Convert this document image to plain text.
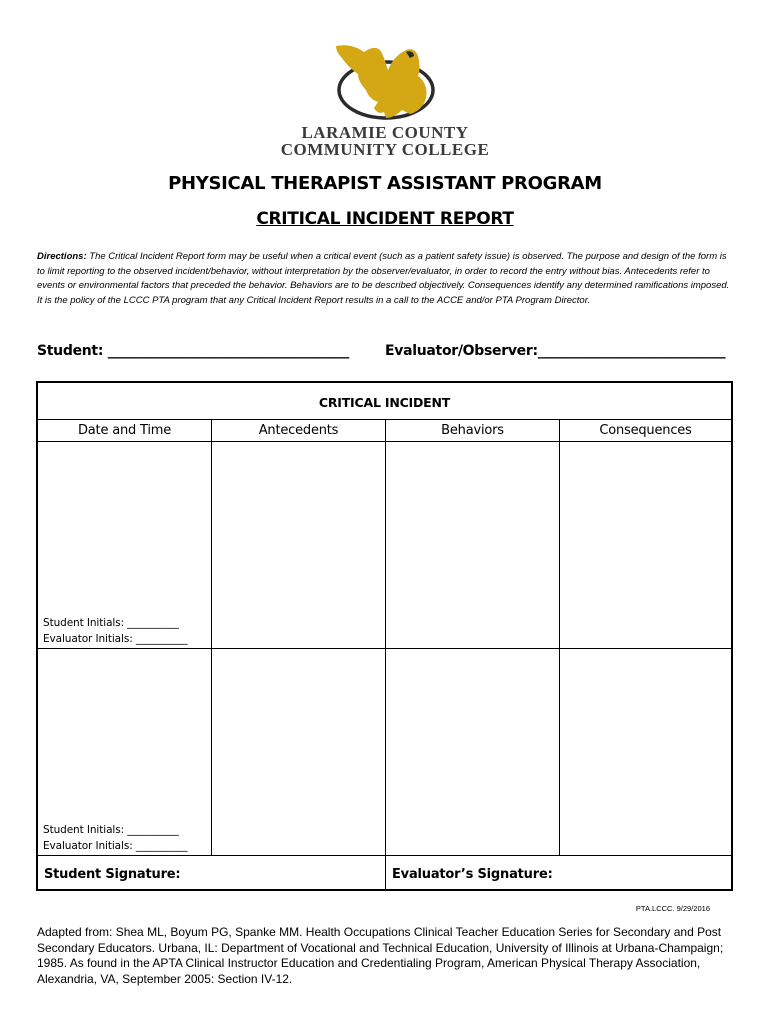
LARAMIE COUNTY
COMMUNITY COLLEGE
PHYSICAL THERAPIST ASSISTANT PROGRAM
CRITICAL INCIDENT REPORT
Directions: The Critical Incident Report form may be useful when a critical event (such as a patient safety issue) is observed. The purpose and design of the form is to limit reporting to the observed incident/behavior, without interpretation by the observer/evaluator, in order to record the entry without bias. Antecedents refer to events or environmental factors that preceded the behavior. Behaviors are to be described objectively. Consequences identify any determined ramifications imposed. It is the policy of the LCCC PTA program that any Critical Incident Report results in a call to the ACCE and/or PTA Program Director.
Student: ____________________________________	Evaluator/Observer:____________________________
CRITICAL INCIDENT
Date and Time	Antecedents	Behaviors	Consequences
Student Initials: __________
Evaluator Initials: __________
Student Initials: __________
Evaluator Initials: __________
Student Signature:	Evaluator’s Signature:
PTA.LCCC. 9/29/2016
Adapted from: Shea ML, Boyum PG, Spanke MM. Health Occupations Clinical Teacher Education Series for Secondary and Post Secondary Educators. Urbana, IL: Department of Vocational and Technical Education, University of Illinois at Urbana-Champaign; 1985. As found in the APTA Clinical Instructor Education and Credentialing Program, American Physical Therapy Association, Alexandria, VA, September 2005: Section IV-12.
